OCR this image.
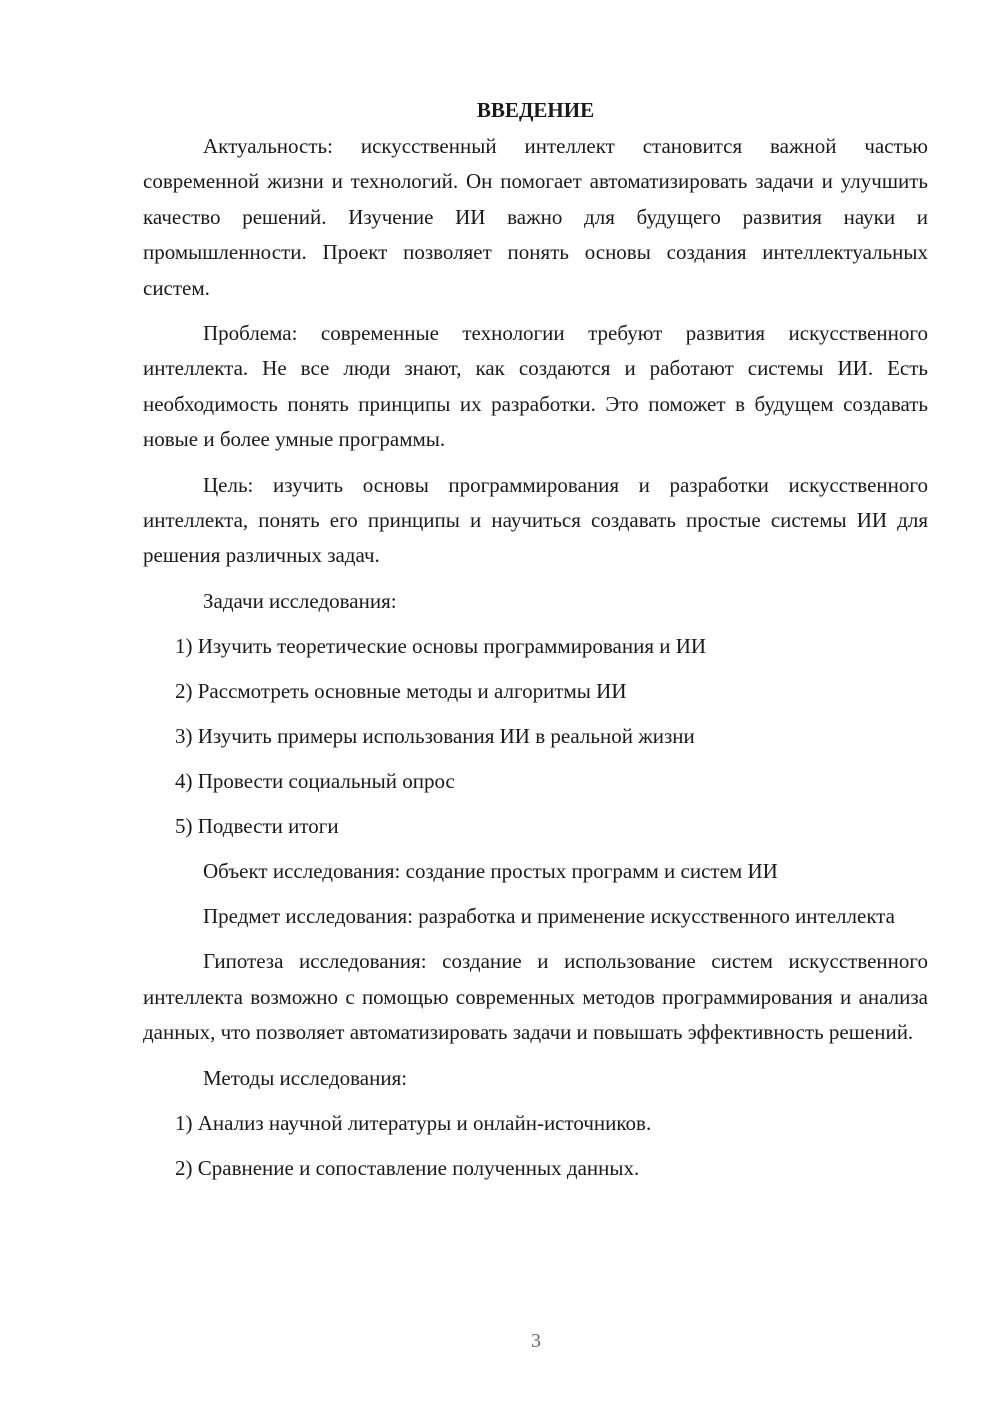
ВВЕДЕНИЕ

Актуальность: искусственный интеллект становится важной частью современной жизни и технологий. Он помогает автоматизировать задачи и улучшить качество решений. Изучение ИИ важно для будущего развития науки и промышленности. Проект позволяет понять основы создания интеллектуальных систем.

Проблема: современные технологии требуют развития искусственного интеллекта. Не все люди знают, как создаются и работают системы ИИ. Есть необходимость понять принципы их разработки. Это поможет в будущем создавать новые и более умные программы.

Цель: изучить основы программирования и разработки искусственного интеллекта, понять его принципы и научиться создавать простые системы ИИ для решения различных задач.

Задачи исследования:
1) Изучить теоретические основы программирования и ИИ
2) Рассмотреть основные методы и алгоритмы ИИ
3) Изучить примеры использования ИИ в реальной жизни
4) Провести социальный опрос
5) Подвести итоги
Объект исследования: создание простых программ и систем ИИ

Предмет исследования: разработка и применение искусственного интеллекта

Гипотеза исследования: создание и использование систем искусственного интеллекта возможно с помощью современных методов программирования и анализа данных, что позволяет автоматизировать задачи и повышать эффективность решений.

Методы исследования:
1) Анализ научной литературы и онлайн-источников.
2) Сравнение и сопоставление полученных данных.
3
